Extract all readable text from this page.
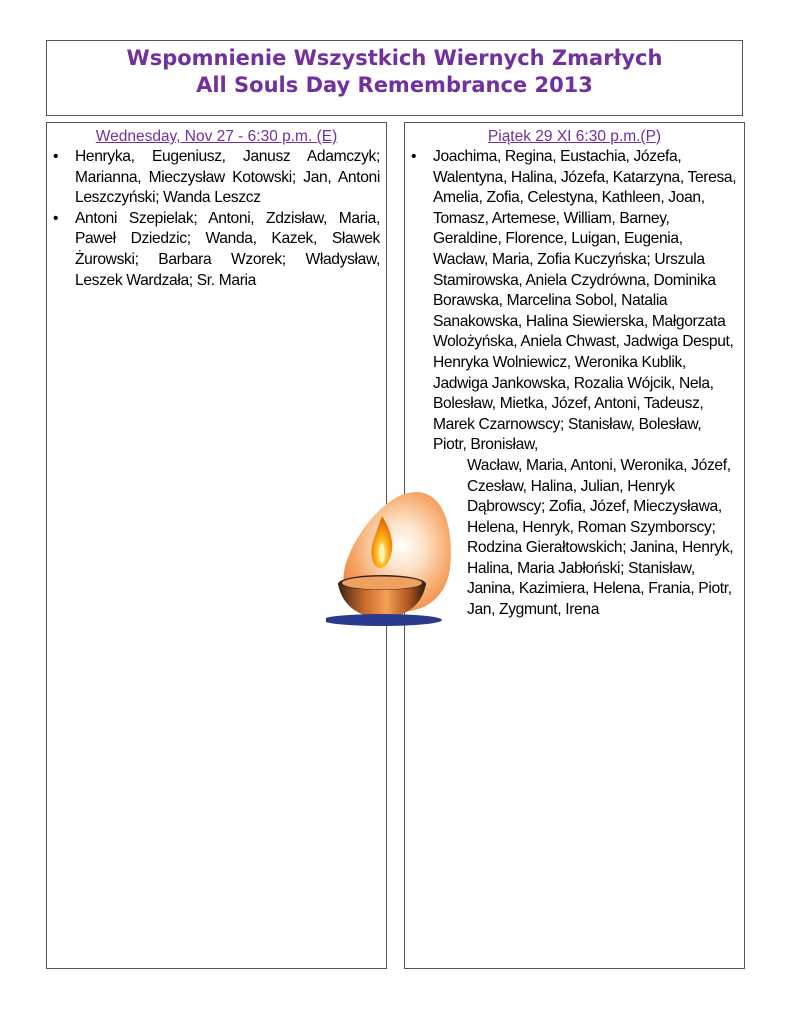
Wspomnienie Wszystkich Wiernych Zmarłych
All Souls Day Remembrance 2013
Wednesday, Nov 27 - 6:30 p.m. (E)
• Henryka, Eugeniusz, Janusz Adamczyk; Marianna, Mieczysław Kotowski; Jan, Antoni Leszczyński; Wanda Leszcz
• Antoni Szepielak; Antoni, Zdzisław, Maria, Paweł Dziedzic; Wanda, Kazek, Sławek Żurowski; Barbara Wzorek; Władysław, Leszek Wardzała; Sr. Maria
Piątek 29 XI 6:30 p.m.(P)
• Joachima, Regina, Eustachia, Józefa, Walentyna, Halina, Józefa, Katarzyna, Teresa, Amelia, Zofia, Celestyna, Kathleen, Joan, Tomasz, Artemese, William, Barney, Geraldine, Florence, Luigan, Eugenia, Wacław, Maria, Zofia Kuczyńska; Urszula Stamirowska, Aniela Czydrówna, Dominika Borawska, Marcelina Sobol, Natalia Sanakowska, Halina Siewierska, Małgorzata Wolożyńska, Aniela Chwast, Jadwiga Desput, Henryka Wolniewicz, Weronika Kublik, Jadwiga Jankowska, Rozalia Wójcik, Nela, Bolesław, Mietka, Józef, Antoni, Tadeusz, Marek Czarnowscy; Stanisław, Bolesław, Piotr, Bronisław,
Wacław, Maria, Antoni, Weronika, Józef, Czesław, Halina, Julian, Henryk Dąbrowscy; Zofia, Józef, Mieczysława, Helena, Henryk, Roman Szymborscy; Rodzina Gierałtowskich; Janina, Henryk, Halina, Maria Jabłoński; Stanisław, Janina, Kazimiera, Helena, Frania, Piotr, Jan, Zygmunt, Irena
